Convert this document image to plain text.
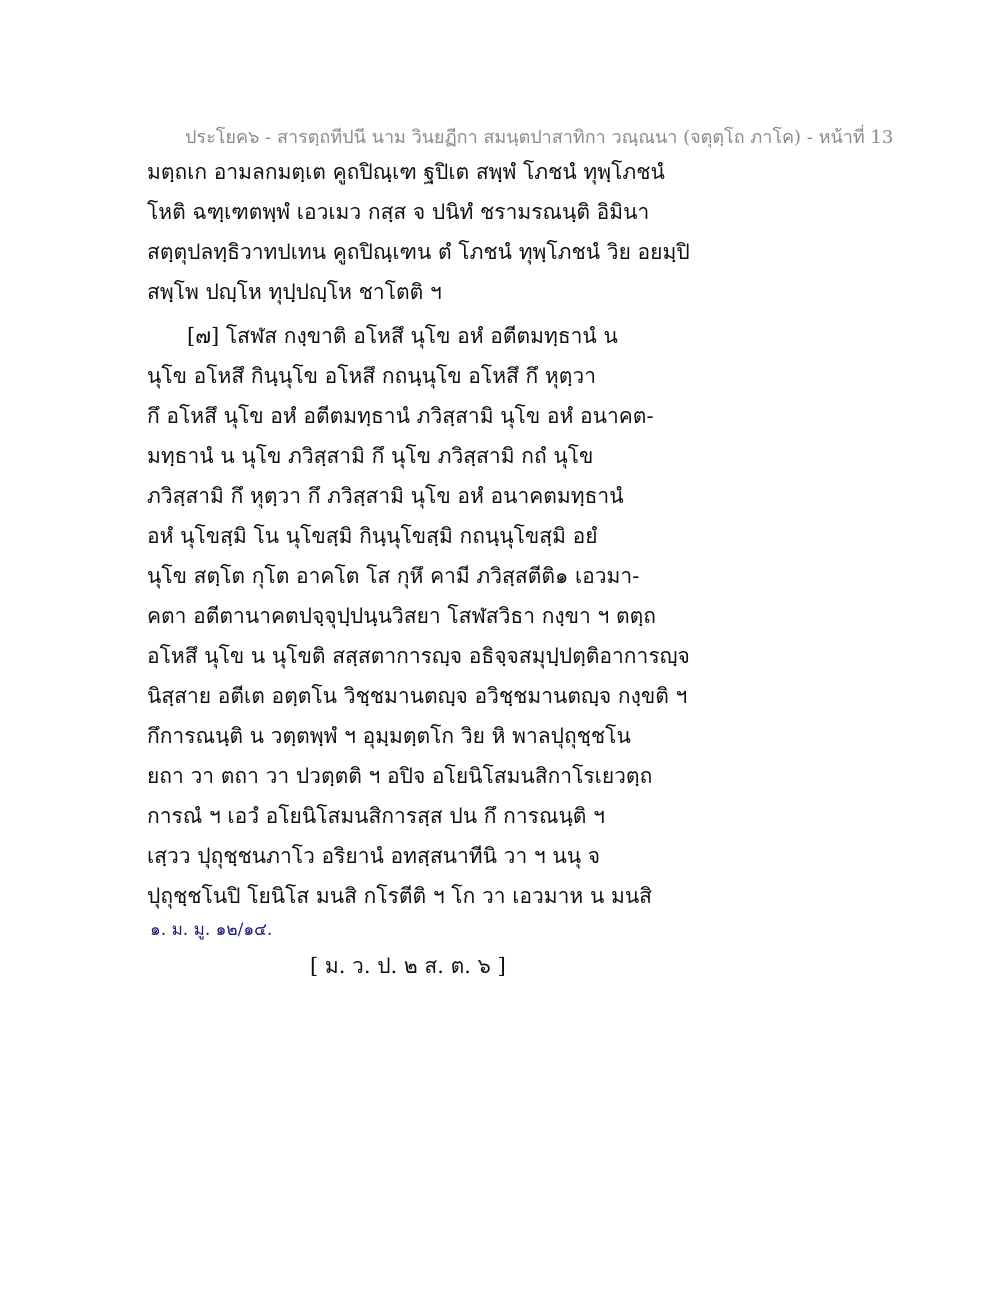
ประโยค๖ - สารตฺถทีปนี นาม วินยฏีกา สมนฺตปาสาทิกา วณฺณนา (จตุตฺโถ ภาโค) - หน้าที่ 13
มตฺถเก อามลกมตฺเต คูถปิณฺเฑ ฐปิเต สพฺพํ โภชนํ ทุพฺโภชนํ
โหติ ฉฑฺเฑตพฺพํ เอวเมว กสฺส จ ปนิทํ ชรามรณนฺติ อิมินา
สตฺตุปลทฺธิวาทปเทน คูถปิณฺเฑน ตํ โภชนํ ทุพฺโภชนํ วิย อยมฺปิ
สพฺโพ ปญฺโห ทุปฺปญฺโห ชาโตติ ฯ
[๗] โสฬส กงฺขาติ อโหสึ นุโข อหํ อตีตมทฺธานํ น
นุโข อโหสึ กินฺนุโข อโหสึ กถนฺนุโข อโหสึ กึ หุตฺวา
กึ อโหสึ นุโข อหํ อตีตมทฺธานํ ภวิสฺสามิ นุโข อหํ อนาคต-
มทฺธานํ น นุโข ภวิสฺสามิ กึ นุโข ภวิสฺสามิ กถํ นุโข
ภวิสฺสามิ กึ หุตฺวา กึ ภวิสฺสามิ นุโข อหํ อนาคตมทฺธานํ
อหํ นุโขสฺมิ โน นุโขสฺมิ กินฺนุโขสฺมิ กถนฺนุโขสฺมิ อยํ
นุโข สตฺโต กุโต อาคโต โส กุหึ คามี ภวิสฺสตีติ๑ เอวมา-
คตา อตีตานาคตปจฺจุปฺปนฺนวิสยา โสฬสวิธา กงฺขา ฯ ตตฺถ
อโหสึ นุโข น นุโขติ สสฺสตาการญฺจ อธิจฺจสมุปฺปตฺติอาการญฺจ
นิสฺสาย อตีเต อตฺตโน วิชฺชมานตญฺจ อวิชฺชมานตญฺจ กงฺขติ ฯ
กึการณนฺติ น วตฺตพฺพํ ฯ อุมฺมตฺตโก วิย หิ พาลปุถุชฺชโน
ยถา วา ตถา วา ปวตฺตติ ฯ อปิจ อโยนิโสมนสิกาโรเยวตฺถ
การณํ ฯ เอวํ อโยนิโสมนสิการสฺส ปน กึ การณนฺติ ฯ
เสฺวว ปุถุชฺชนภาโว อริยานํ อทสฺสนาทีนิ วา ฯ นนุ จ
ปุถุชฺชโนปิ โยนิโส มนสิ กโรตีติ ฯ โก วา เอวมาห น มนสิ
๑. ม. มู. ๑๒/๑๔.
[ ม. ว. ป. ๒ ส. ต. ๖ ]
